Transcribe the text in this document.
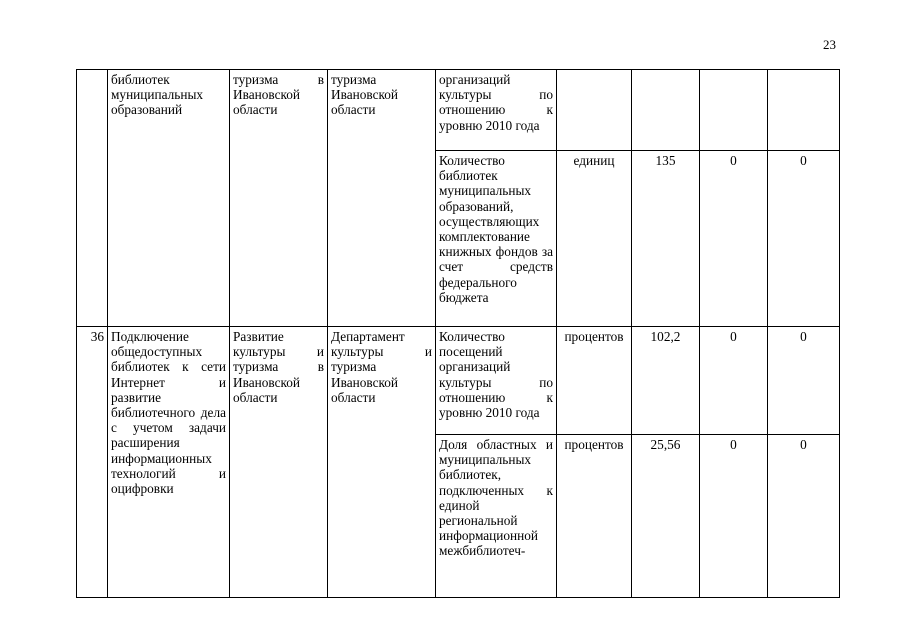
23
	библиотек муниципальных образований	туризма в Ивановской области	туризма Ивановской области	организаций культуры по отношению к уровню 2010 года				
				Количество библиотек муниципальных образований, осуществляющих комплектование книжных фондов за счет средств федерального бюджета	единиц	135	0	0
36	Подключение общедоступных библиотек к сети Интернет и развитие библиотечного дела с учетом задачи расширения информационных технологий и оцифровки	Развитие культуры и туризма в Ивановской области	Департамент культуры и туризма Ивановской области	Количество посещений организаций культуры по отношению к уровню 2010 года	процентов	102,2	0	0
				Доля областных и муниципальных библиотек, подключенных к единой региональной информационной межбиблиотеч-	процентов	25,56	0	0
